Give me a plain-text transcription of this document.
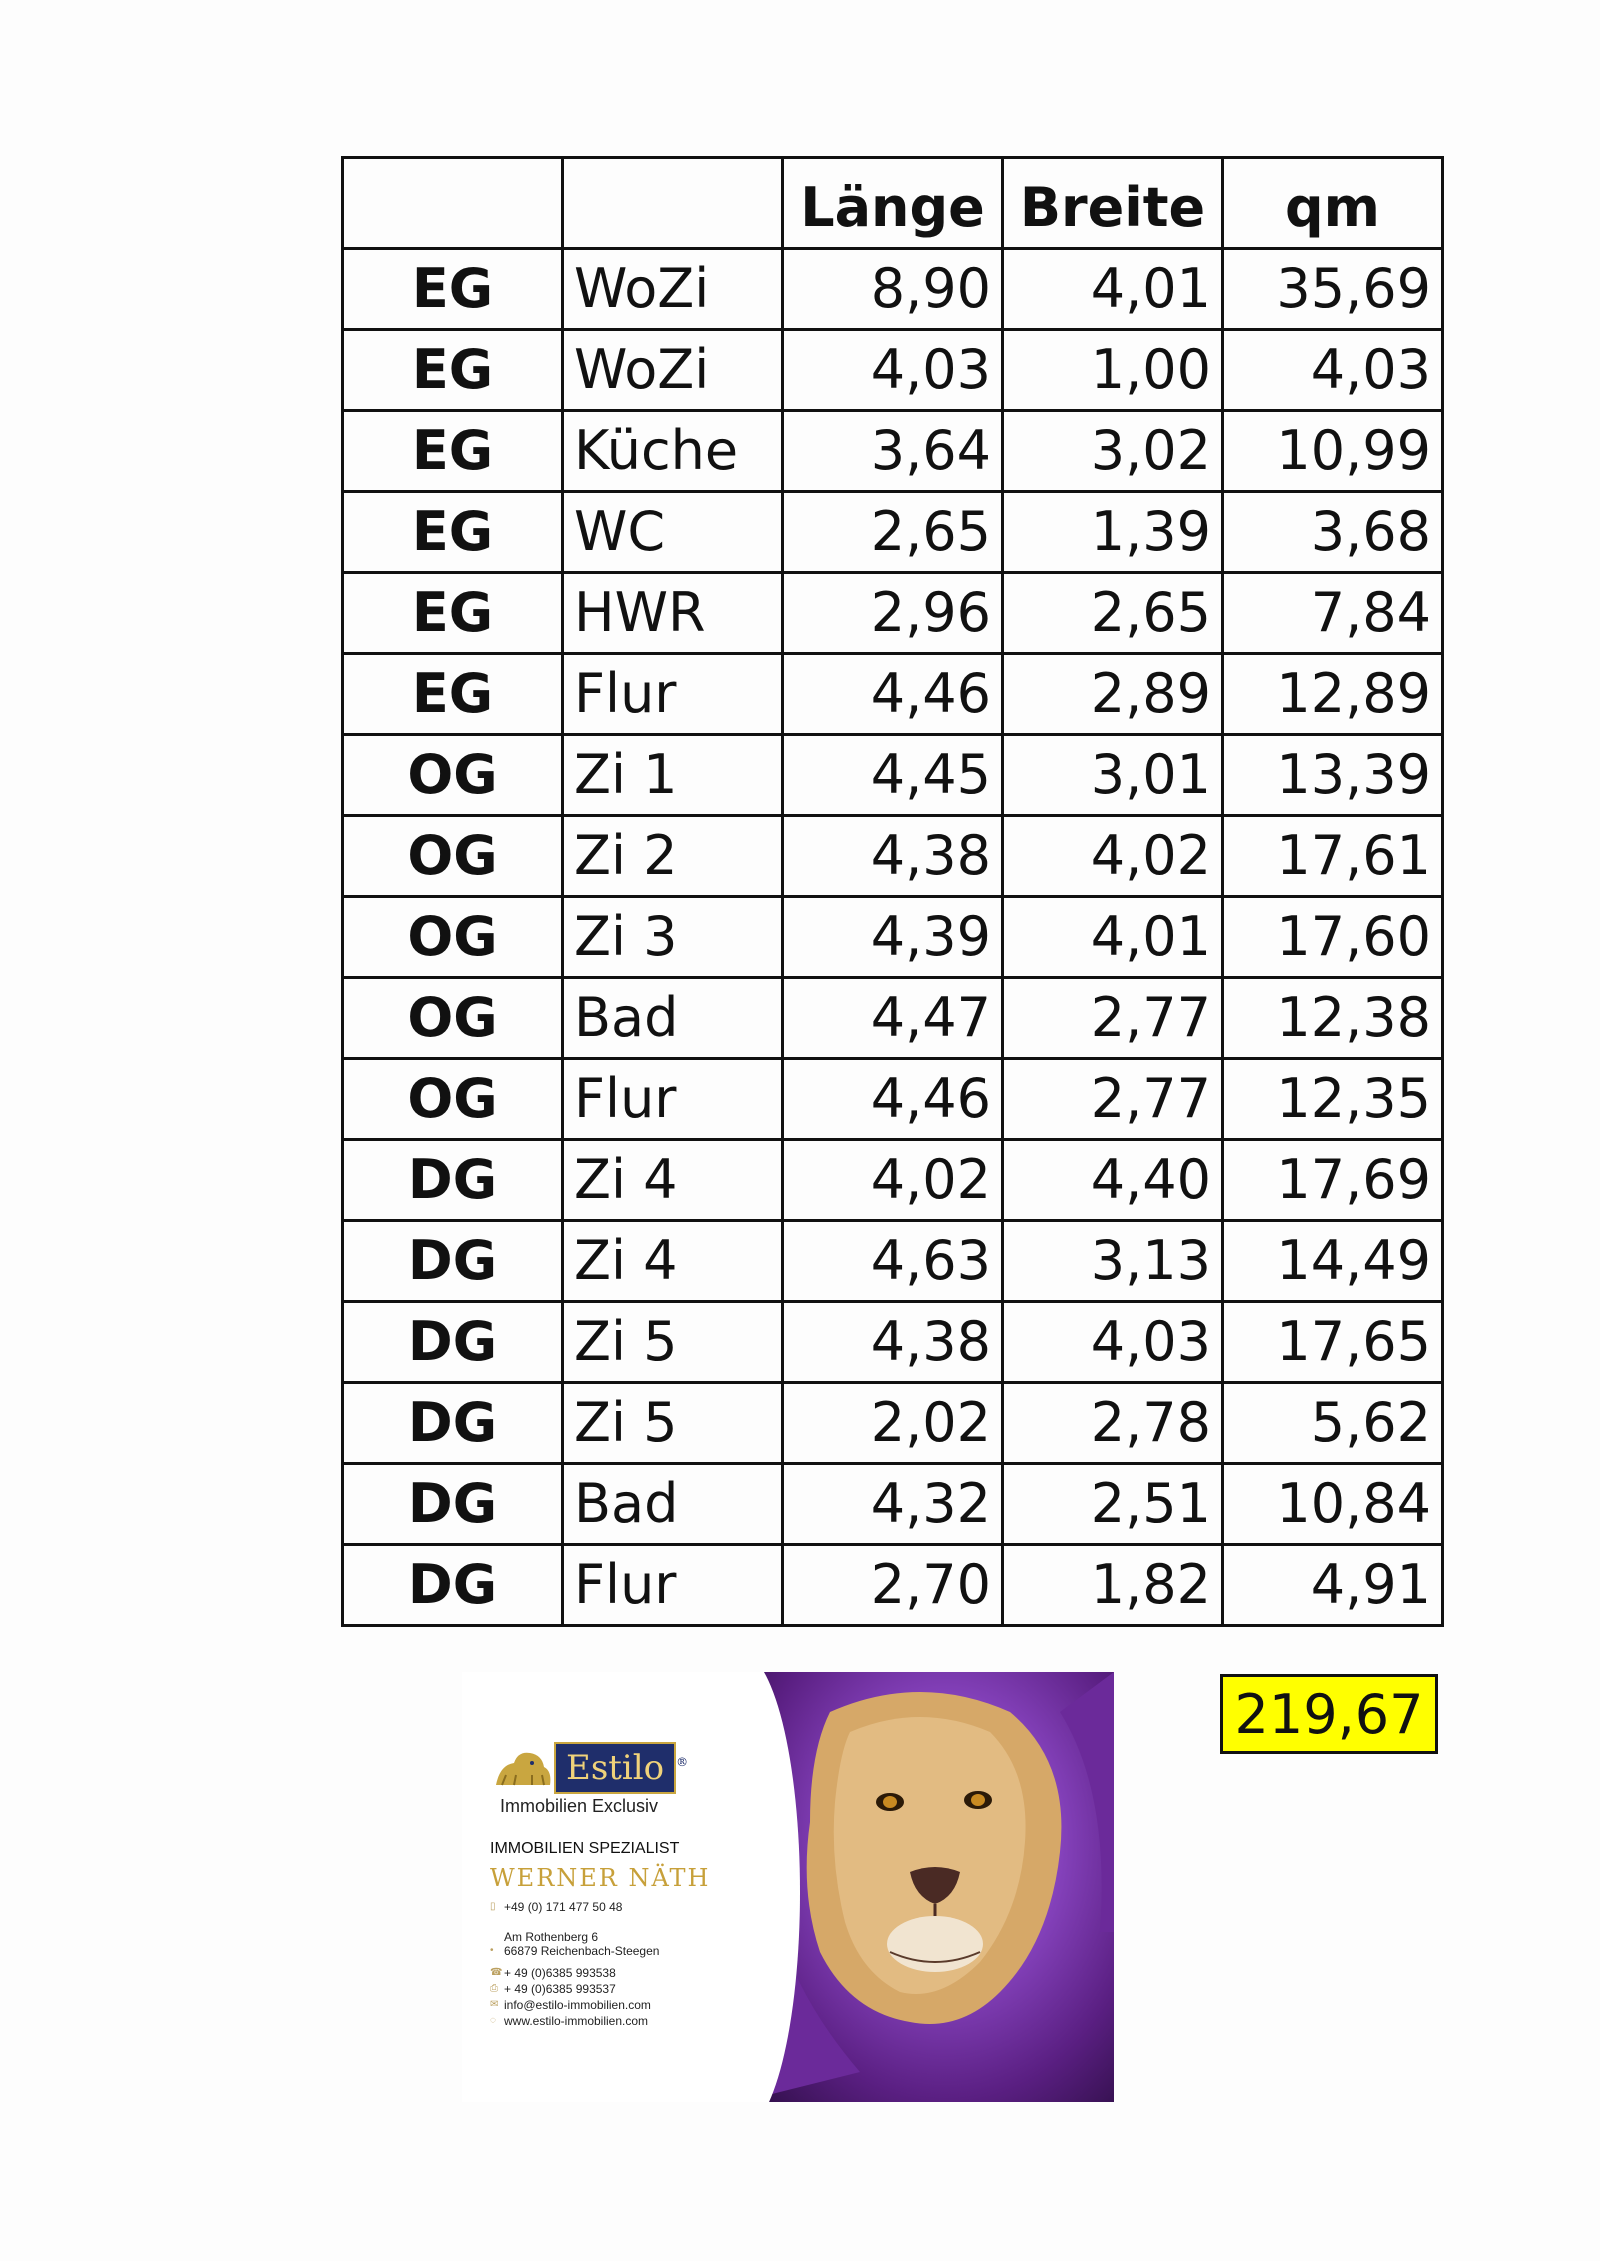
		Länge	Breite	qm
EG	WoZi	8,90	4,01	35,69
EG	WoZi	4,03	1,00	4,03
EG	Küche	3,64	3,02	10,99
EG	WC	2,65	1,39	3,68
EG	HWR	2,96	2,65	7,84
EG	Flur	4,46	2,89	12,89
OG	Zi 1	4,45	3,01	13,39
OG	Zi 2	4,38	4,02	17,61
OG	Zi 3	4,39	4,01	17,60
OG	Bad	4,47	2,77	12,38
OG	Flur	4,46	2,77	12,35
DG	Zi 4	4,02	4,40	17,69
DG	Zi 4	4,63	3,13	14,49
DG	Zi 5	4,38	4,03	17,65
DG	Zi 5	2,02	2,78	5,62
DG	Bad	4,32	2,51	10,84
DG	Flur	2,70	1,82	4,91
219,67
Estilo ®
Immobilien Exclusiv
IMMOBILIEN SPEZIALIST
WERNER NÄTH
▯ +49 (0) 171 477 50 48
Am Rothenberg 6
• 66879 Reichenbach-Steegen
☎ + 49 (0)6385 993538
⎙ + 49 (0)6385 993537
✉ info@estilo-immobilien.com
◌ www.estilo-immobilien.com
